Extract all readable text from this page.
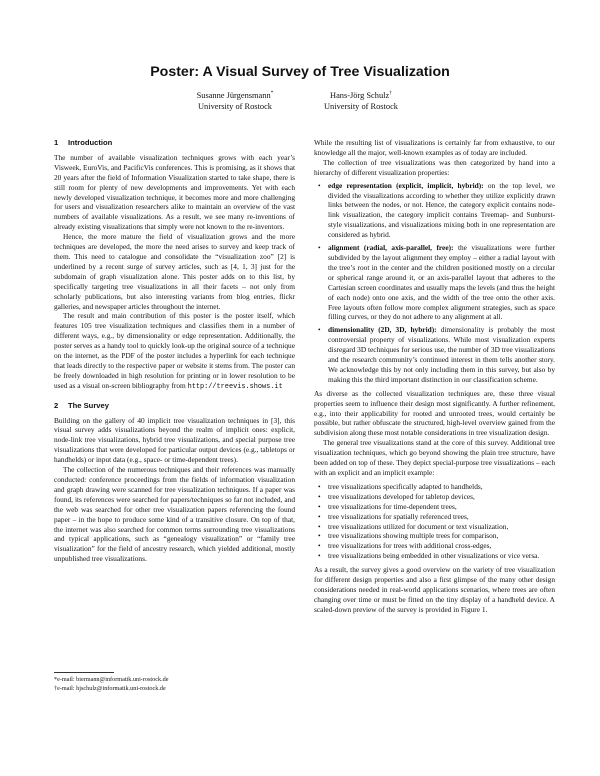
Poster: A Visual Survey of Tree Visualization
Susanne Jürgensmann*
University of Rostock
Hans-Jörg Schulz†
University of Rostock
1 Introduction

The number of available visualization techniques grows with each year’s Visweek, EuroVis, and PacificVis conferences. This is promising, as it shows that 20 years after the field of Information Visualization started to take shape, there is still room for plenty of new developments and improvements. Yet with each newly developed visualization technique, it becomes more and more challenging for users and visualization researchers alike to maintain an overview of the vast numbers of available visualizations. As a result, we see many re-inventions of already existing visualizations that simply were not known to the re-inventors.

Hence, the more mature the field of visualization grows and the more techniques are developed, the more the need arises to survey and keep track of them. This need to catalogue and consolidate the “visualization zoo” [2] is underlined by a recent surge of survey articles, such as [4, 1, 3] just for the subdomain of graph visualization alone. This poster adds on to this list, by specifically targeting tree visualizations in all their facets – not only from scholarly publications, but also interesting variants from blog entries, flickr galleries, and newspaper articles throughout the internet.

The result and main contribution of this poster is the poster itself, which features 105 tree visualization techniques and classifies them in a number of different ways, e.g., by dimensionality or edge representation. Additionally, the poster serves as a handy tool to quickly look-up the original source of a technique on the internet, as the PDF of the poster includes a hyperlink for each technique that leads directly to the respective paper or website it stems from. The poster can be freely downloaded in high resolution for printing or in lower resolution to be used as a visual on-screen bibliography from http://treevis.shows.it

2 The Survey

Building on the gallery of 40 implicit tree visualization techniques in [3], this visual survey adds visualizations beyond the realm of implicit ones: explicit, node-link tree visualizations, hybrid tree visualizations, and special purpose tree visualizations that were developed for particular output devices (e.g., tabletops or handhelds) or input data (e.g., space- or time-dependent trees).

The collection of the numerous techniques and their references was manually conducted: conference proceedings from the fields of information visualization and graph drawing were scanned for tree visualization techniques. If a paper was found, its references were searched for papers/techniques so far not included, and the web was searched for other tree visualization papers referencing the found paper – in the hope to produce some kind of a transitive closure. On top of that, the internet was also searched for common terms surrounding tree visualizations and typical applications, such as “genealogy visualization” or “family tree visualization” for the field of ancestry research, which yielded additional, mostly unpublished tree visualizations.

While the resulting list of visualizations is certainly far from exhaustive, to our knowledge all the major, well-known examples as of today are included.

The collection of tree visualizations was then categorized by hand into a hierarchy of different visualization properties:

• edge representation (explicit, implicit, hybrid): on the top level, we divided the visualizations according to whether they utilize explicitly drawn links between the nodes, or not. Hence, the category explicit contains node-link visualization, the category implicit contains Treemap- and Sunburst-style visualizations, and visualizations mixing both in one representation are considered as hybrid.
• alignment (radial, axis-parallel, free): the visualizations were further subdivided by the layout alignment they employ – either a radial layout with the tree’s root in the center and the children positioned mostly on a circular or spherical range around it, or an axis-parallel layout that adheres to the Cartesian screen coordinates and usually maps the levels (and thus the height of each node) onto one axis, and the width of the tree onto the other axis. Free layouts often follow more complex alignment strategies, such as space filling curves, or they do not adhere to any alignment at all.
• dimensionality (2D, 3D, hybrid): dimensionality is probably the most controversial property of visualizations. While most visualization experts disregard 3D techniques for serious use, the number of 3D tree visualizations and the research community’s continued interest in them tells another story. We acknowledge this by not only including them in this survey, but also by making this the third important distinction in our classification scheme.

As diverse as the collected visualization techniques are, these three visual properties seem to influence their design most significantly. A further refinement, e.g., into their applicability for rooted and unrooted trees, would certainly be possible, but rather obfuscate the structured, high-level overview gained from the subdivision along these most notable considerations in tree visualization design.

The general tree visualizations stand at the core of this survey. Additional tree visualization techniques, which go beyond showing the plain tree structure, have been added on top of these. They depict special-purpose tree visualizations – each with an explicit and an implicit example:

• tree visualizations specifically adapted to handhelds,
• tree visualizations developed for tabletop devices,
• tree visualizations for time-dependent trees,
• tree visualizations for spatially referenced trees,
• tree visualizations utilized for document or text visualization,
• tree visualizations showing multiple trees for comparison,
• tree visualizations for trees with additional cross-edges,
• tree visualizations being embedded in other visualizations or vice versa.

As a result, the survey gives a good overview on the variety of tree visualization for different design properties and also a first glimpse of the many other design considerations needed in real-world applications scenarios, where trees are often changing over time or must be fitted on the tiny display of a handheld device. A scaled-down preview of the survey is provided in Figure 1.

*e-mail: biermann@informatik.uni-rostock.de
†e-mail: hjschulz@informatik.uni-rostock.de
